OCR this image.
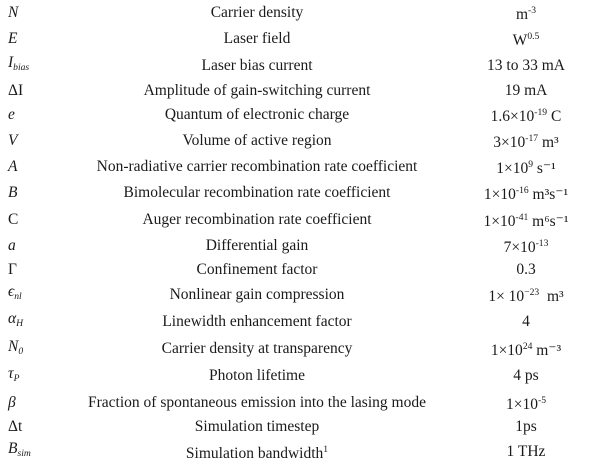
N	Carrier density	$m^{-3}$
E	Laser field	$W^{0.5}$
$I_{bias}$	Laser bias current	13 to 33 mA
ΔI	Amplitude of gain-switching current	19 mA
e	Quantum of electronic charge	$1.6\times 10^{-19}$ C
V	Volume of active region	$3\times 10^{-17}$ m³
A	Non-radiative carrier recombination rate coefficient	$1\times 10^9$ s⁻¹
B	Bimolecular recombination rate coefficient	$1\times 10^{-16}$ m³s⁻¹
C	Auger recombination rate coefficient	$1\times 10^{-41}$ m⁶s⁻¹
a	Differential gain	$7\times 10^{-13}$
Γ	Confinement factor	0.3
$\epsilon_{nl}$	Nonlinear gain compression	$1\times 10^{-23}$  m³
$\alpha_H$	Linewidth enhancement factor	4
$N_0$	Carrier density at transparency	$1\times 10^{24}$ m⁻³
$\tau_P$	Photon lifetime	4 ps
β	Fraction of spontaneous emission into the lasing mode	$1\times 10^{-5}$
Δt	Simulation timestep	1ps
$B_{sim}$	Simulation bandwidth$^1$	1 THz
